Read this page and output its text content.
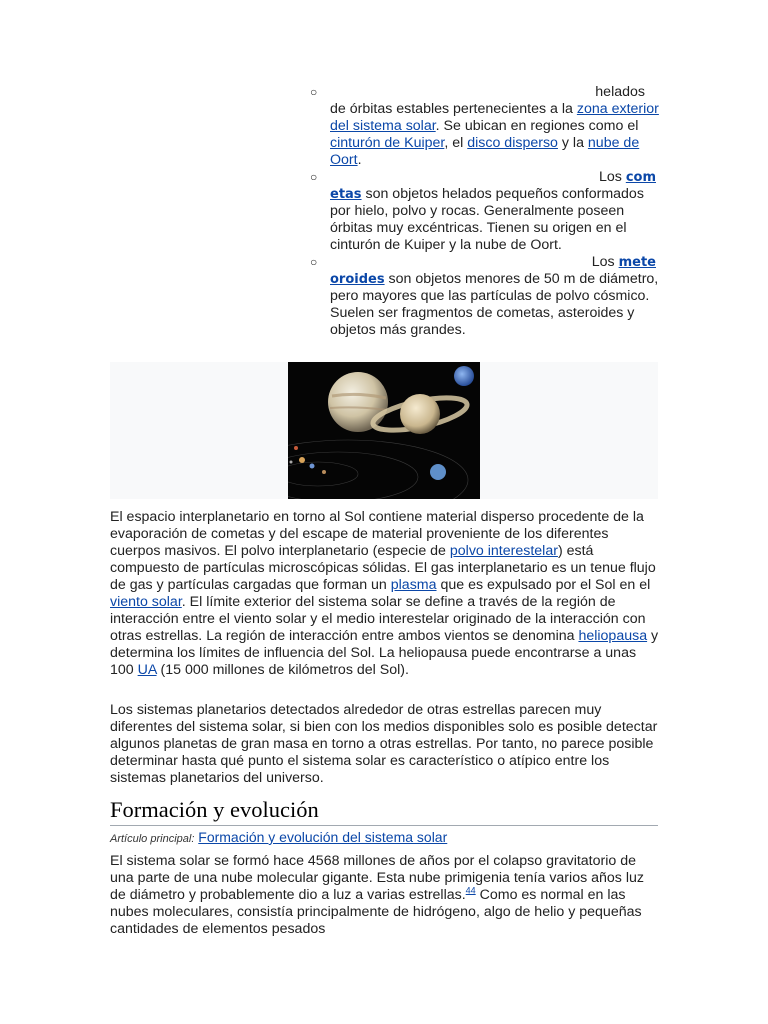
○	helados
de órbitas estables pertenecientes a la zona exterior del sistema solar. Se ubican en regiones como el cinturón de Kuiper, el disco disperso y la nube de Oort.
○	Los com
etas son objetos helados pequeños conformados por hielo, polvo y rocas. Generalmente poseen órbitas muy excéntricas. Tienen su origen en el cinturón de Kuiper y la nube de Oort.
○	Los mete
oroides son objetos menores de 50 m de diámetro, pero mayores que las partículas de polvo cósmico. Suelen ser fragmentos de cometas, asteroides y objetos más grandes.

El espacio interplanetario en torno al Sol contiene material disperso procedente de la evaporación de cometas y del escape de material proveniente de los diferentes cuerpos masivos. El polvo interplanetario (especie de polvo interestelar) está compuesto de partículas microscópicas sólidas. El gas interplanetario es un tenue flujo de gas y partículas cargadas que forman un plasma que es expulsado por el Sol en el viento solar. El límite exterior del sistema solar se define a través de la región de interacción entre el viento solar y el medio interestelar originado de la interacción con otras estrellas. La región de interacción entre ambos vientos se denomina heliopausa y determina los límites de influencia del Sol. La heliopausa puede encontrarse a unas 100 UA (15 000 millones de kilómetros del Sol).

Los sistemas planetarios detectados alrededor de otras estrellas parecen muy diferentes del sistema solar, si bien con los medios disponibles solo es posible detectar algunos planetas de gran masa en torno a otras estrellas. Por tanto, no parece posible determinar hasta qué punto el sistema solar es característico o atípico entre los sistemas planetarios del universo.

Formación y evolución
Artículo principal: Formación y evolución del sistema solar

El sistema solar se formó hace 4568 millones de años por el colapso gravitatorio de una parte de una nube molecular gigante. Esta nube primigenia tenía varios años luz de diámetro y probablemente dio a luz a varias estrellas.$^{44}$ Como es normal en las nubes moleculares, consistía principalmente de hidrógeno, algo de helio y pequeñas cantidades de elementos pesados
